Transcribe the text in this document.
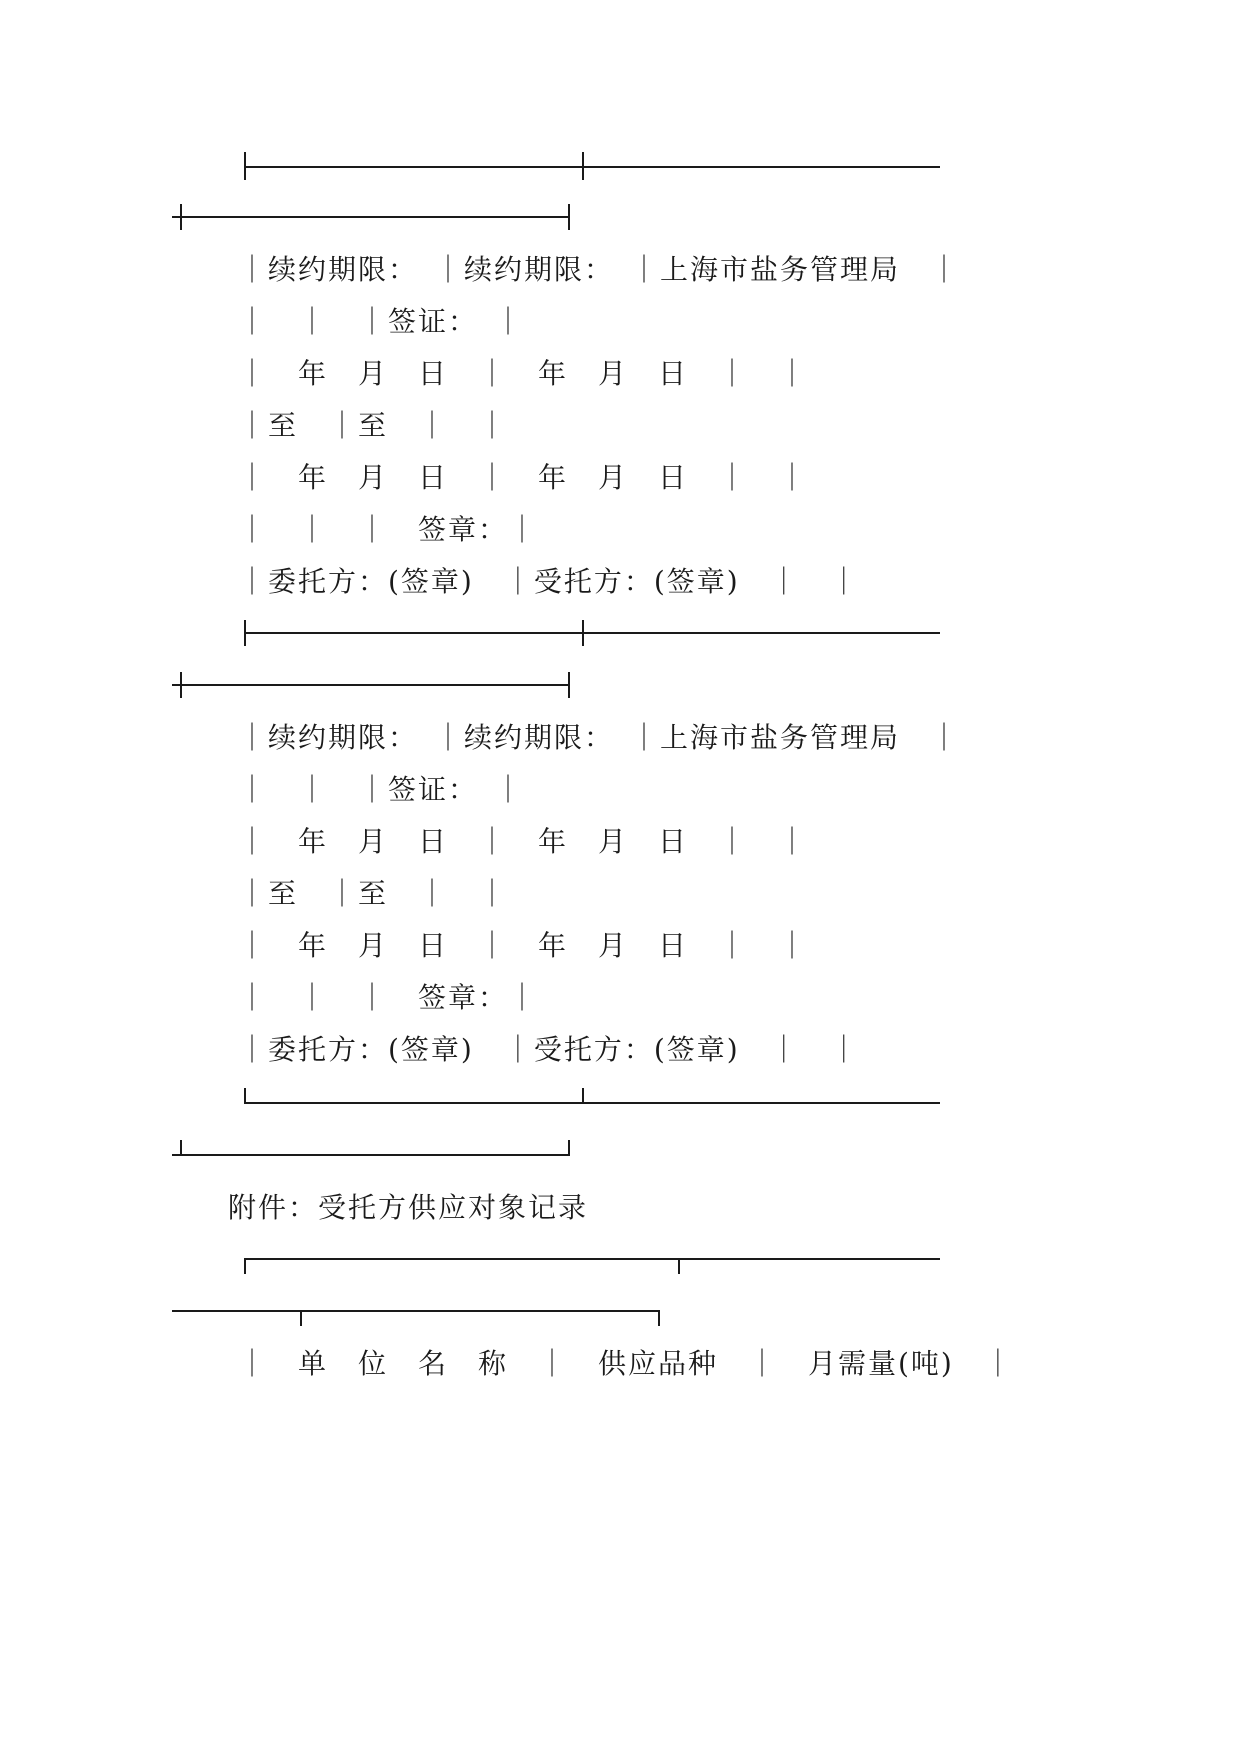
｜续约期限：　｜续约期限：　｜上海市盐务管理局　｜
｜　｜　｜签证：　｜
｜　年　月　日　｜　年　月　日　｜　｜
｜至　｜至　｜　｜
｜　年　月　日　｜　年　月　日　｜　｜
｜　｜　｜　签章：｜
｜委托方：(签章)　｜受托方：(签章)　｜　｜
｜续约期限：　｜续约期限：　｜上海市盐务管理局　｜
｜　｜　｜签证：　｜
｜　年　月　日　｜　年　月　日　｜　｜
｜至　｜至　｜　｜
｜　年　月　日　｜　年　月　日　｜　｜
｜　｜　｜　签章：｜
｜委托方：(签章)　｜受托方：(签章)　｜　｜
附件：受托方供应对象记录
｜　单　位　名　称　｜　供应品种　｜　月需量(吨)　｜
